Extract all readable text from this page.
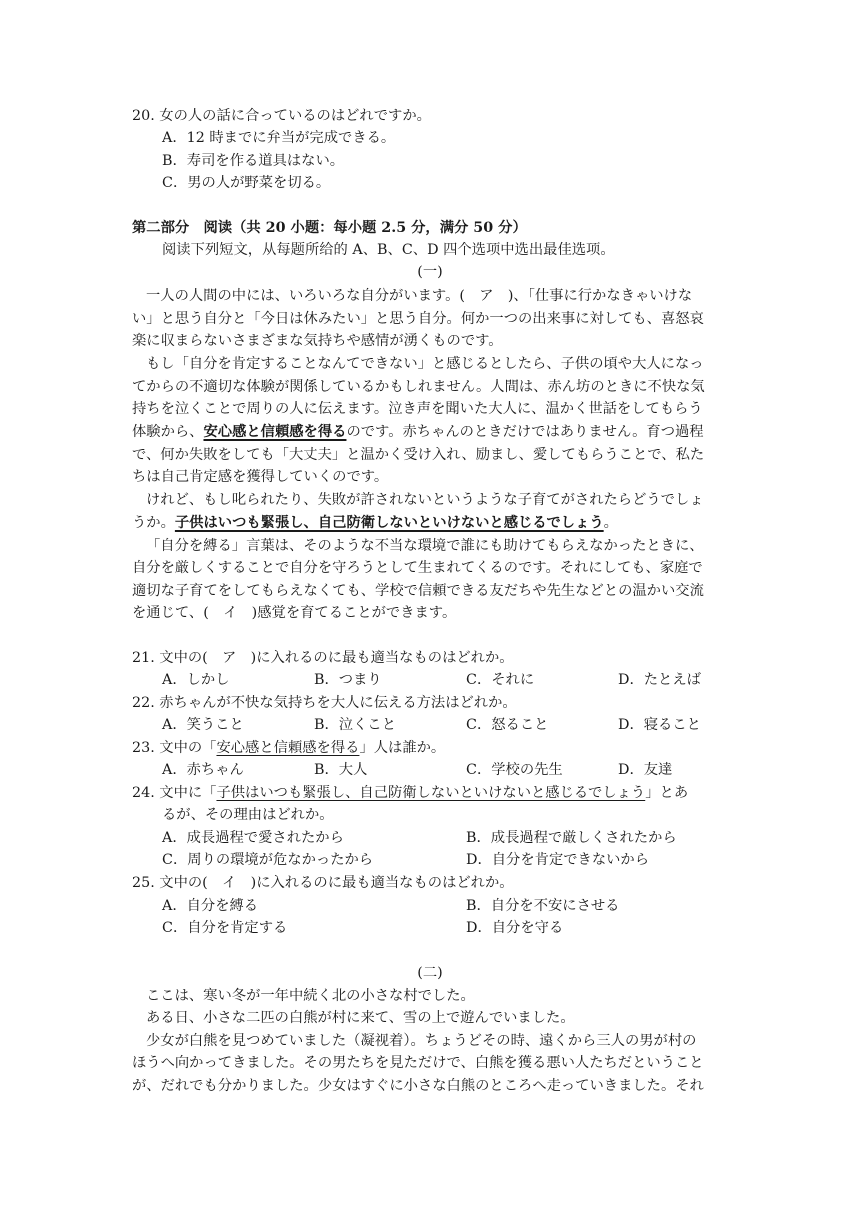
20. 女の人の話に合っているのはどれですか。
A．12 時までに弁当が完成できる。
B．寿司を作る道具はない。
C．男の人が野菜を切る。
第二部分　阅读（共 20 小题：每小题 2.5 分，满分 50 分）
阅读下列短文，从每题所给的 A、B、C、D 四个选项中选出最佳选项。
(一)
一人の人間の中には、いろいろな自分がいます。(　ア　)、「仕事に行かなきゃいけな
い」と思う自分と「今日は休みたい」と思う自分。何か一つの出来事に対しても、喜怒哀
楽に収まらないさまざまな気持ちや感情が湧くものです。
もし「自分を肯定することなんてできない」と感じるとしたら、子供の頃や大人になっ
てからの不適切な体験が関係しているかもしれません。人間は、赤ん坊のときに不快な気
持ちを泣くことで周りの人に伝えます。泣き声を聞いた大人に、温かく世話をしてもらう
体験から、安心感と信頼感を得るのです。赤ちゃんのときだけではありません。育つ過程
で、何か失敗をしても「大丈夫」と温かく受け入れ、励まし、愛してもらうことで、私た
ちは自己肯定感を獲得していくのです。
けれど、もし叱られたり、失敗が許されないというような子育てがされたらどうでしょ
うか。子供はいつも緊張し、自己防衛しないといけないと感じるでしょう。
「自分を縛る」言葉は、そのような不当な環境で誰にも助けてもらえなかったときに、
自分を厳しくすることで自分を守ろうとして生まれてくるのです。それにしても、家庭で
適切な子育てをしてもらえなくても、学校で信頼できる友だちや先生などとの温かい交流
を通じて、(　イ　)感覚を育てることができます。
21. 文中の(　ア　)に入れるのに最も適当なものはどれか。
A．しかし	B．つまり	C．それに	D．たとえば
22. 赤ちゃんが不快な気持ちを大人に伝える方法はどれか。
A．笑うこと	B．泣くこと	C．怒ること	D．寝ること
23. 文中の「安心感と信頼感を得る」人は誰か。
A．赤ちゃん	B．大人	C．学校の先生	D．友達
24. 文中に「子供はいつも緊張し、自己防衛しないといけないと感じるでしょう」とあ
るが、その理由はどれか。
A．成長過程で愛されたから	B．成長過程で厳しくされたから
C．周りの環境が危なかったから	D．自分を肯定できないから
25. 文中の(　イ　)に入れるのに最も適当なものはどれか。
A．自分を縛る	B．自分を不安にさせる
C．自分を肯定する	D．自分を守る
(二)
ここは、寒い冬が一年中続く北の小さな村でした。
ある日、小さな二匹の白熊が村に来て、雪の上で遊んでいました。
少女が白熊を見つめていました（凝视着）。ちょうどその時、遠くから三人の男が村の
ほうへ向かってきました。その男たちを見ただけで、白熊を獲る悪い人たちだということ
が、だれでも分かりました。少女はすぐに小さな白熊のところへ走っていきました。それ
